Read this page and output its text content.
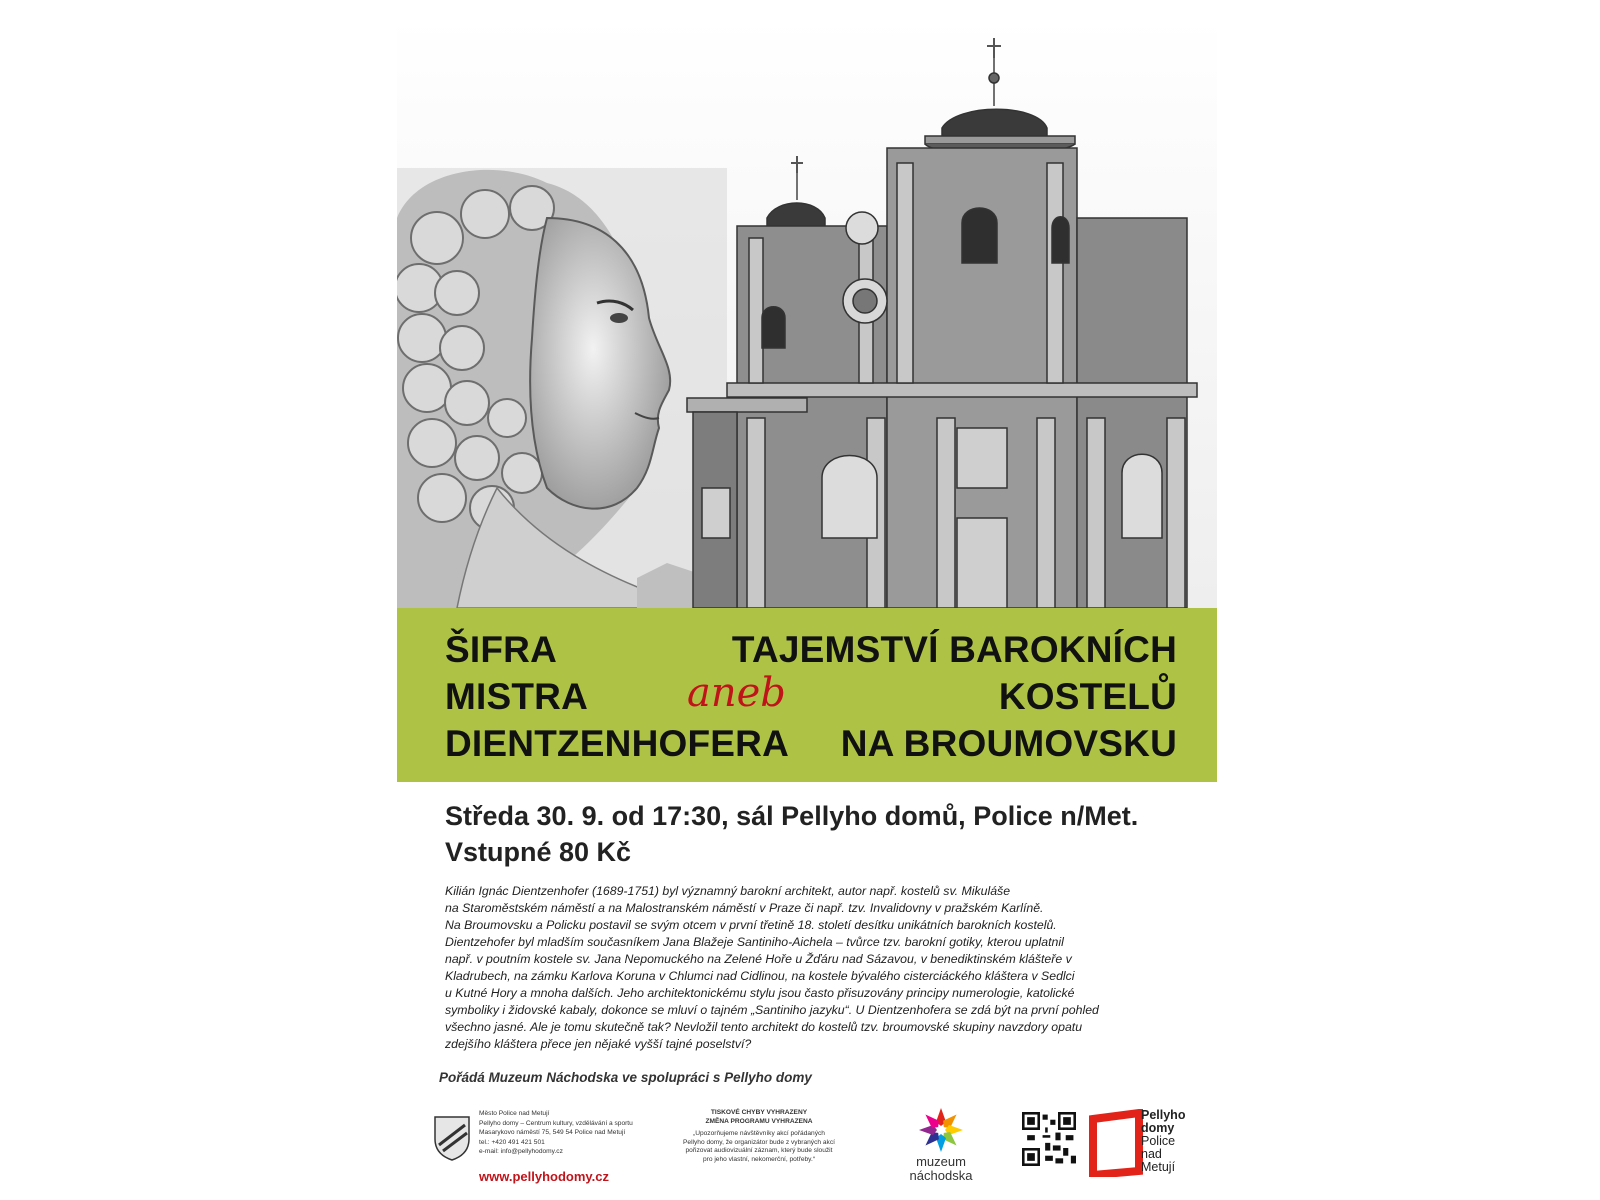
ŠIFRA
MISTRA
DIENTZENHOFERA
aneb
TAJEMSTVÍ BAROKNÍCH
KOSTELŮ
NA BROUMOVSKU
Středa 30. 9. od 17:30, sál Pellyho domů, Police n/Met.
Vstupné 80 Kč
Kilián Ignác Dientzenhofer (1689-1751) byl významný barokní architekt, autor např. kostelů sv. Mikuláše
na Staroměstském náměstí a na Malostranském náměstí v Praze či např. tzv. Invalidovny v pražském Karlíně.
Na Broumovsku a Policku postavil se svým otcem v první třetině 18. století desítku unikátních barokních kostelů.
Dientzehofer byl mladším současníkem Jana Blažeje Santiniho-Aichela – tvůrce tzv. barokní gotiky, kterou uplatnil
např. v poutním kostele sv. Jana Nepomuckého na Zelené Hoře u Žďáru nad Sázavou, v benediktinském klášteře v
Kladrubech, na zámku Karlova Koruna v Chlumci nad Cidlinou, na kostele bývalého cisterciáckého kláštera v Sedlci
u Kutné Hory a mnoha dalších. Jeho architektonickému stylu jsou často přisuzovány principy numerologie, katolické
symboliky i židovské kabaly, dokonce se mluví o tajném „Santiniho jazyku“. U Dientzenhofera se zdá být na první pohled
všechno jasné. Ale je tomu skutečně tak? Nevložil tento architekt do kostelů tzv. broumovské skupiny navzdory opatu
zdejšího kláštera přece jen nějaké vyšší tajné poselství?
Pořádá Muzeum Náchodska ve spolupráci s Pellyho domy
Město Police nad Metují
Pellyho domy – Centrum kultury, vzdělávání a sportu
Masarykovo náměstí 75, 549 54 Police nad Metují
tel.: +420 491 421 501
e-mail: info@pellyhodomy.cz
www.pellyhodomy.cz
TISKOVÉ CHYBY VYHRAZENY
ZMĚNA PROGRAMU VYHRAZENA
„Upozorňujeme návštěvníky akcí pořádaných
Pellyho domy, že organizátor bude z vybraných akcí
pořizovat audiovizuální záznam, který bude sloužit
pro jeho vlastní, nekomerční, potřeby.“	muzeum
náchodska
Pellyho
domy
Police
nad
Metují
